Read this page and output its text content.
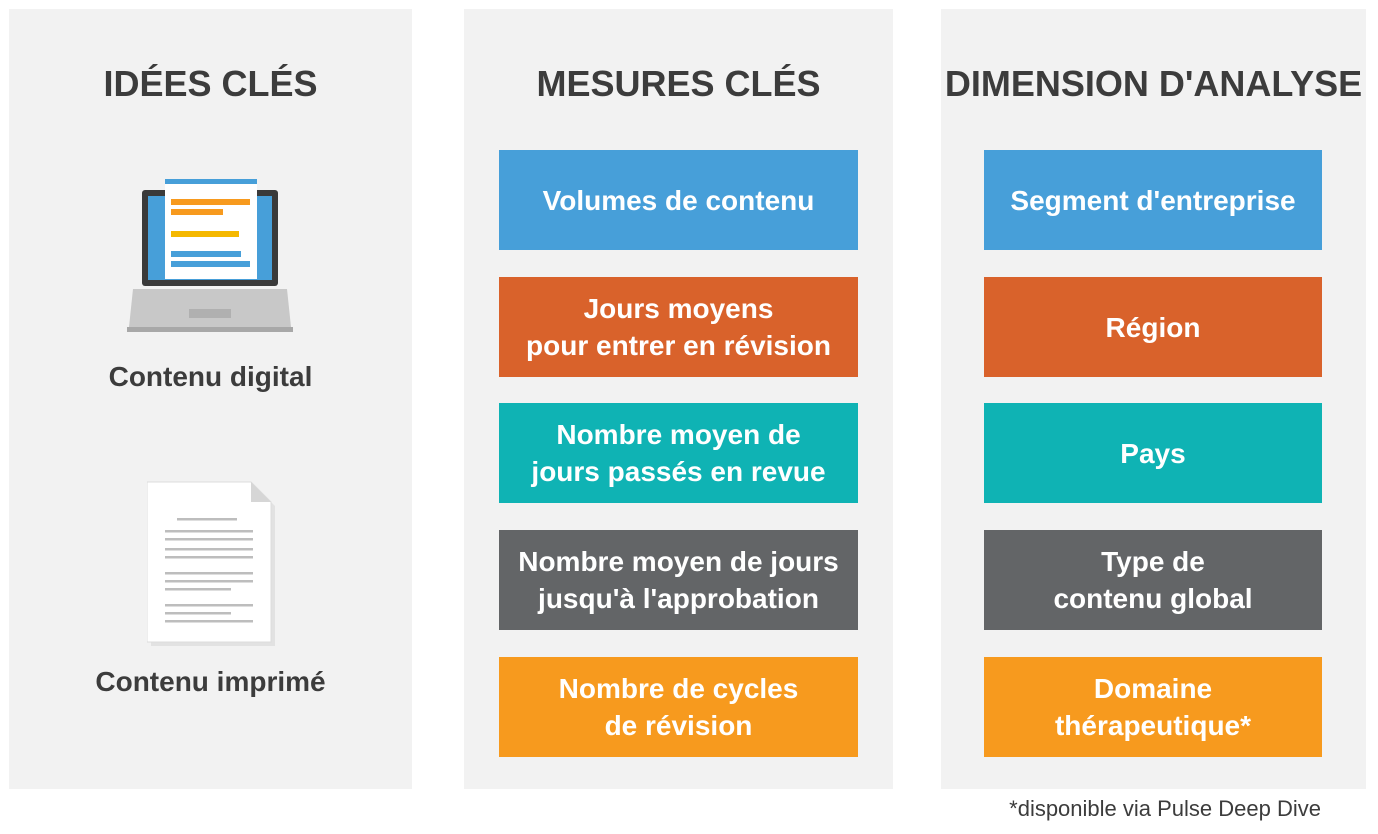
IDÉES CLÉS
Contenu digital
Contenu imprimé
MESURES CLÉS
Volumes de contenu
Jours moyens
pour entrer en révision
Nombre moyen de
jours passés en revue
Nombre moyen de jours
jusqu'à l'approbation
Nombre de cycles
de révision
DIMENSION D'ANALYSE
Segment d'entreprise
Région
Pays
Type de
contenu global
Domaine
thérapeutique*
*disponible via Pulse Deep Dive
